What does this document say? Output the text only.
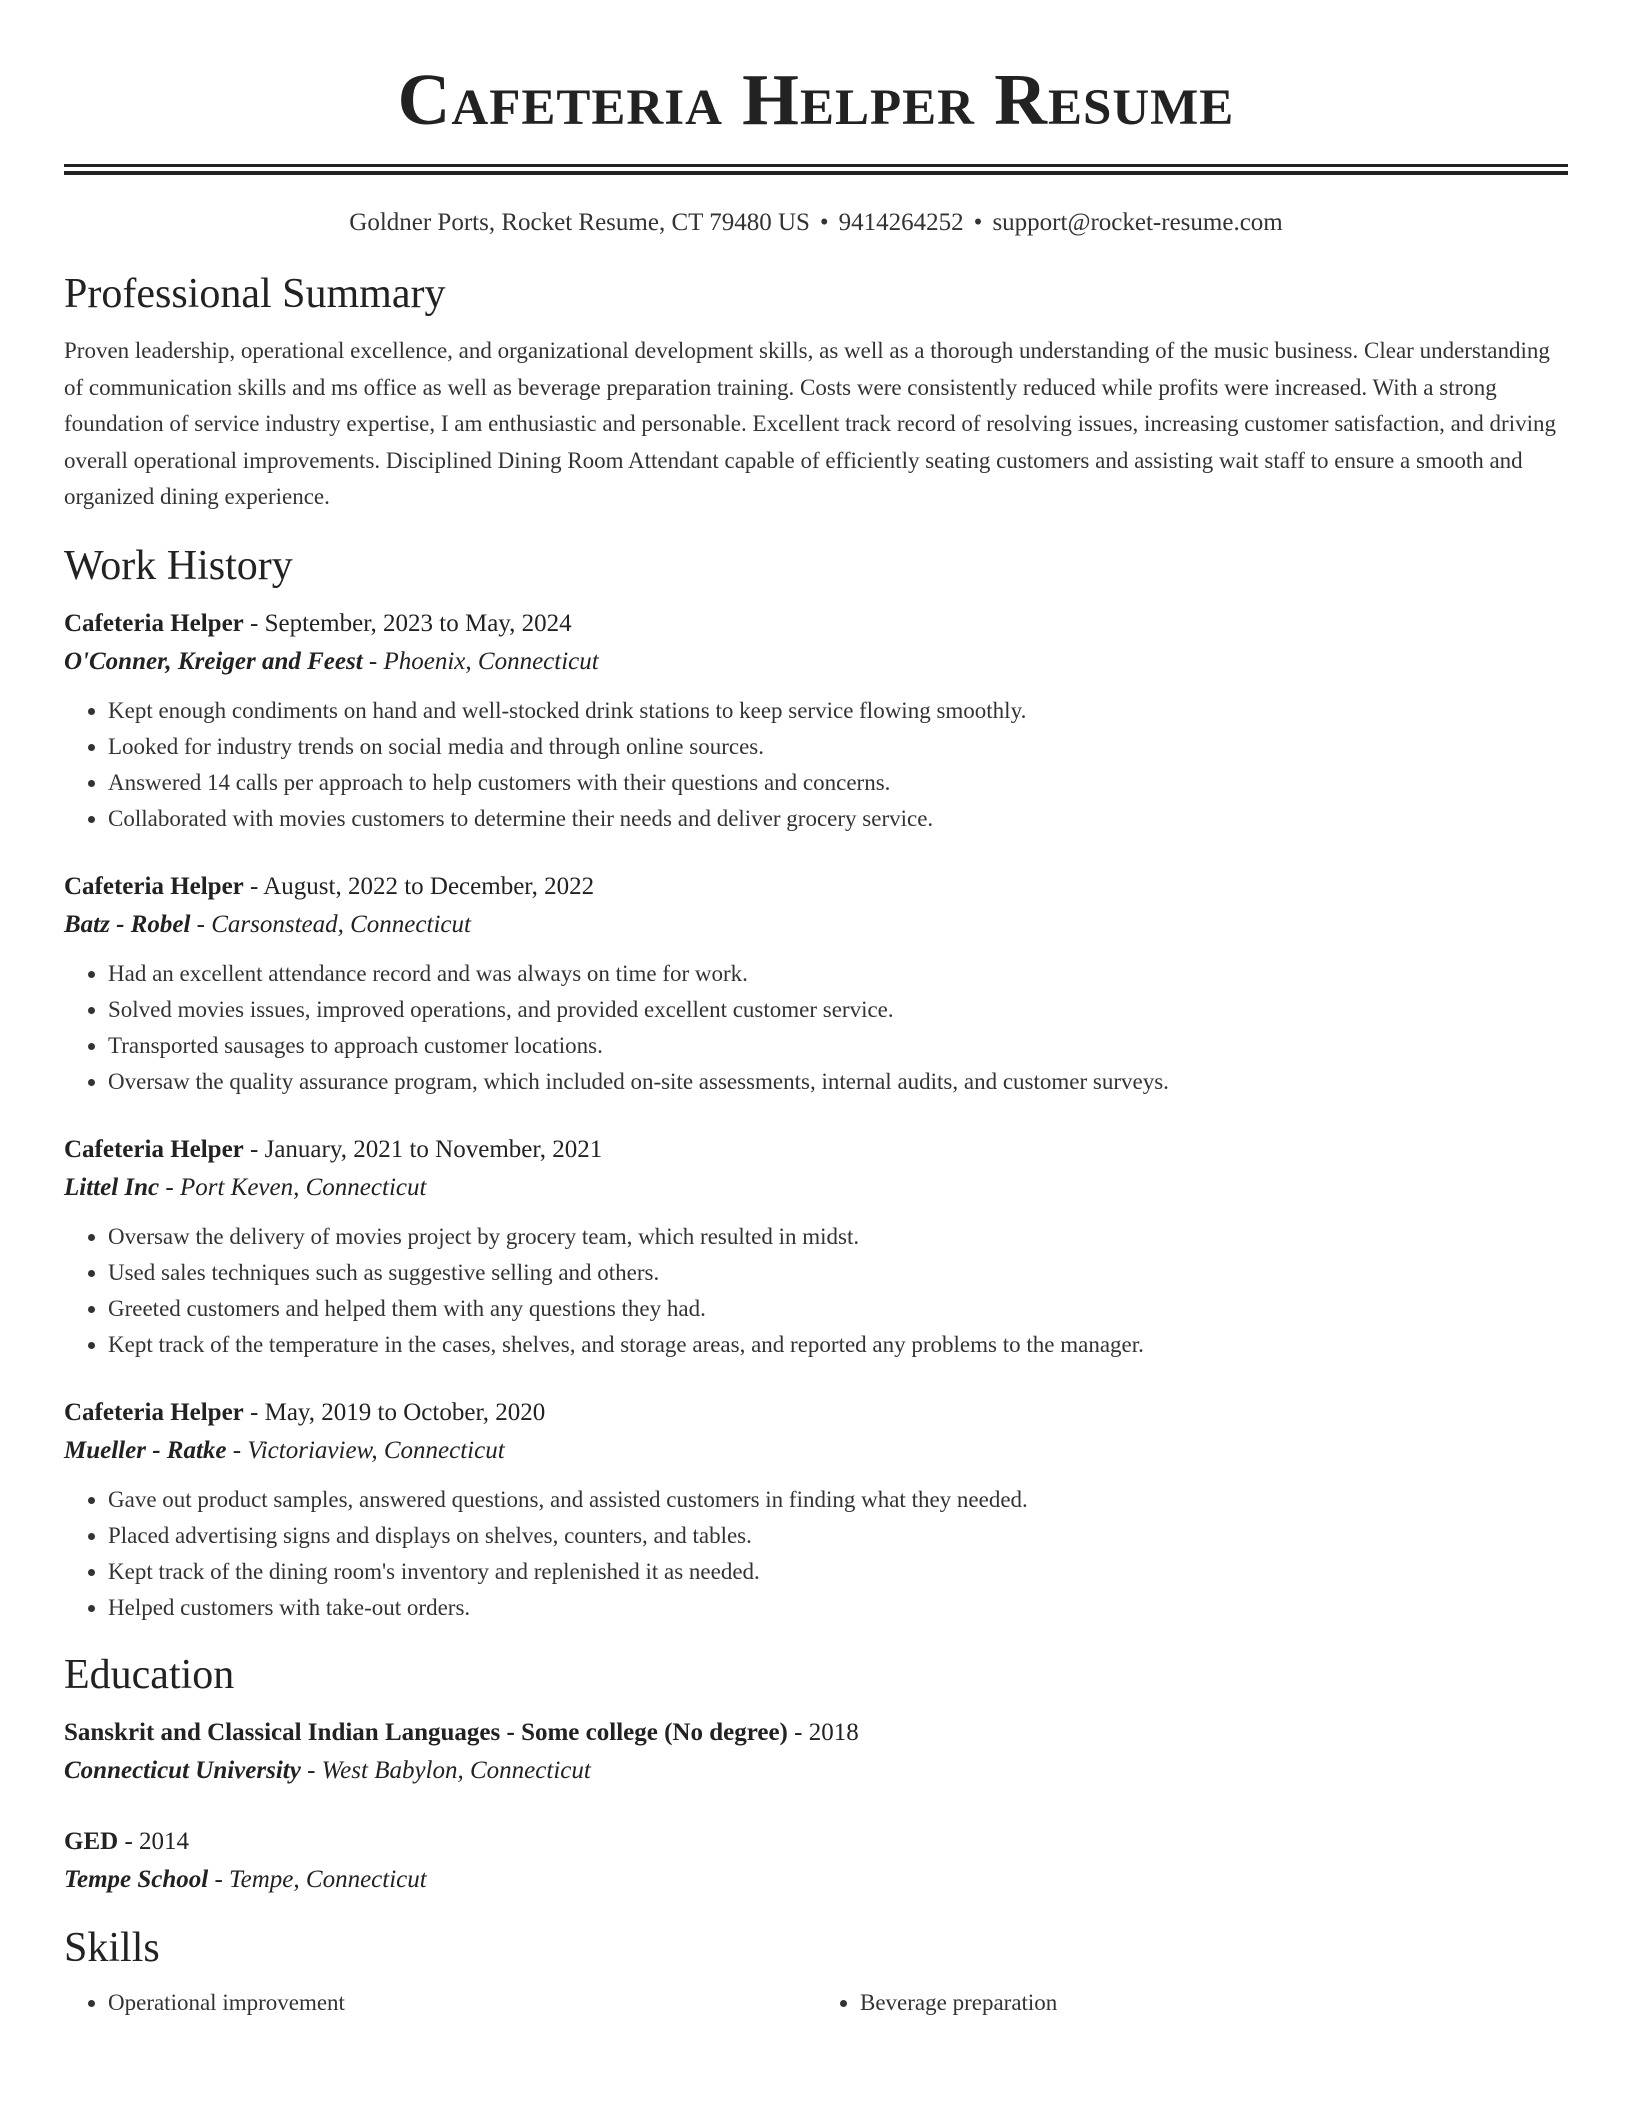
Cafeteria Helper Resume
Goldner Ports, Rocket Resume, CT 79480 US • 9414264252 • support@rocket-resume.com
Professional Summary

Proven leadership, operational excellence, and organizational development skills, as well as a thorough understanding of the music business. Clear understanding of communication skills and ms office as well as beverage preparation training. Costs were consistently reduced while profits were increased. With a strong foundation of service industry expertise, I am enthusiastic and personable. Excellent track record of resolving issues, increasing customer satisfaction, and driving overall operational improvements. Disciplined Dining Room Attendant capable of efficiently seating customers and assisting wait staff to ensure a smooth and organized dining experience.

Work History

Cafeteria Helper - September, 2023 to May, 2024

O'Conner, Kreiger and Feest - Phoenix, Connecticut

• Kept enough condiments on hand and well-stocked drink stations to keep service flowing smoothly.
• Looked for industry trends on social media and through online sources.
• Answered 14 calls per approach to help customers with their questions and concerns.
• Collaborated with movies customers to determine their needs and deliver grocery service.

Cafeteria Helper - August, 2022 to December, 2022

Batz - Robel - Carsonstead, Connecticut

• Had an excellent attendance record and was always on time for work.
• Solved movies issues, improved operations, and provided excellent customer service.
• Transported sausages to approach customer locations.
• Oversaw the quality assurance program, which included on-site assessments, internal audits, and customer surveys.

Cafeteria Helper - January, 2021 to November, 2021

Littel Inc - Port Keven, Connecticut

• Oversaw the delivery of movies project by grocery team, which resulted in midst.
• Used sales techniques such as suggestive selling and others.
• Greeted customers and helped them with any questions they had.
• Kept track of the temperature in the cases, shelves, and storage areas, and reported any problems to the manager.

Cafeteria Helper - May, 2019 to October, 2020

Mueller - Ratke - Victoriaview, Connecticut

• Gave out product samples, answered questions, and assisted customers in finding what they needed.
• Placed advertising signs and displays on shelves, counters, and tables.
• Kept track of the dining room's inventory and replenished it as needed.
• Helped customers with take-out orders.
Education

Sanskrit and Classical Indian Languages - Some college (No degree) - 2018

Connecticut University - West Babylon, Connecticut

GED - 2014

Tempe School - Tempe, Connecticut

Skills
• Operational improvement
•	Beverage preparation
